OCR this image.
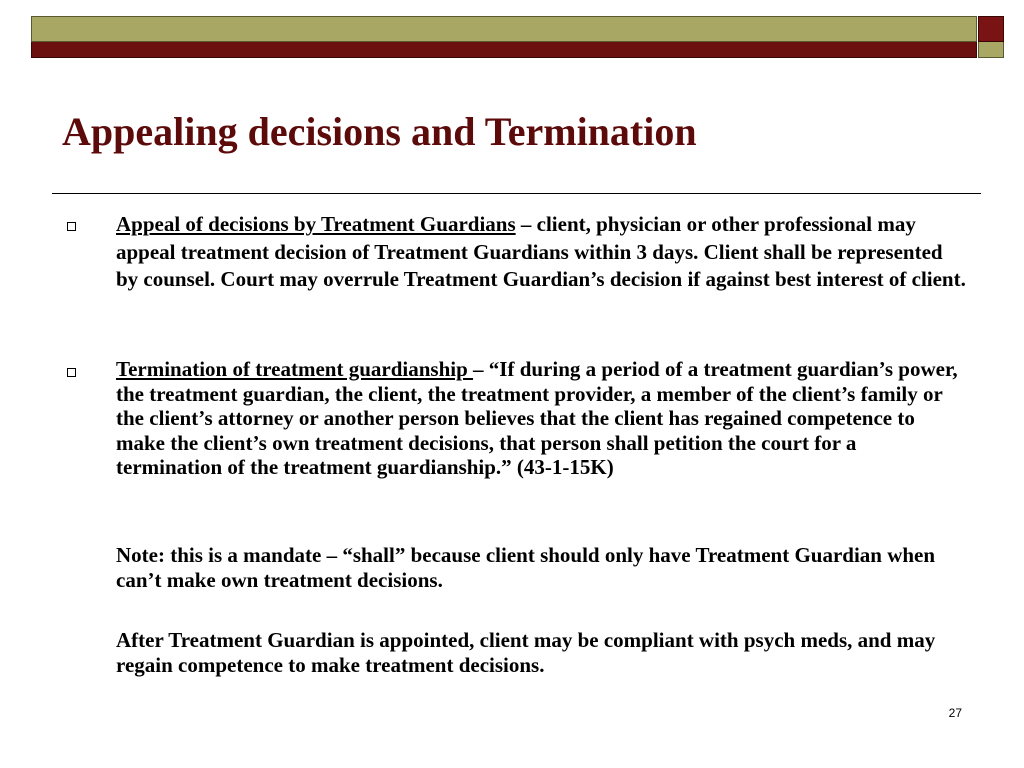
Appealing decisions and Termination

Appeal of decisions by Treatment Guardians – client, physician or other professional may appeal treatment decision of Treatment Guardians within 3 days. Client shall be represented by counsel. Court may overrule Treatment Guardian’s decision if against best interest of client.

Termination of treatment guardianship – “If during a period of a treatment guardian’s power, the treatment guardian, the client, the treatment provider, a member of the client’s family or the client’s attorney or another person believes that the client has regained competence to make the client’s own treatment decisions, that person shall petition the court for a termination of the treatment guardianship.” (43-1-15K)

Note: this is a mandate – “shall” because client should only have Treatment Guardian when can’t make own treatment decisions.

After Treatment Guardian is appointed, client may be compliant with psych meds, and may regain competence to make treatment decisions.

27
